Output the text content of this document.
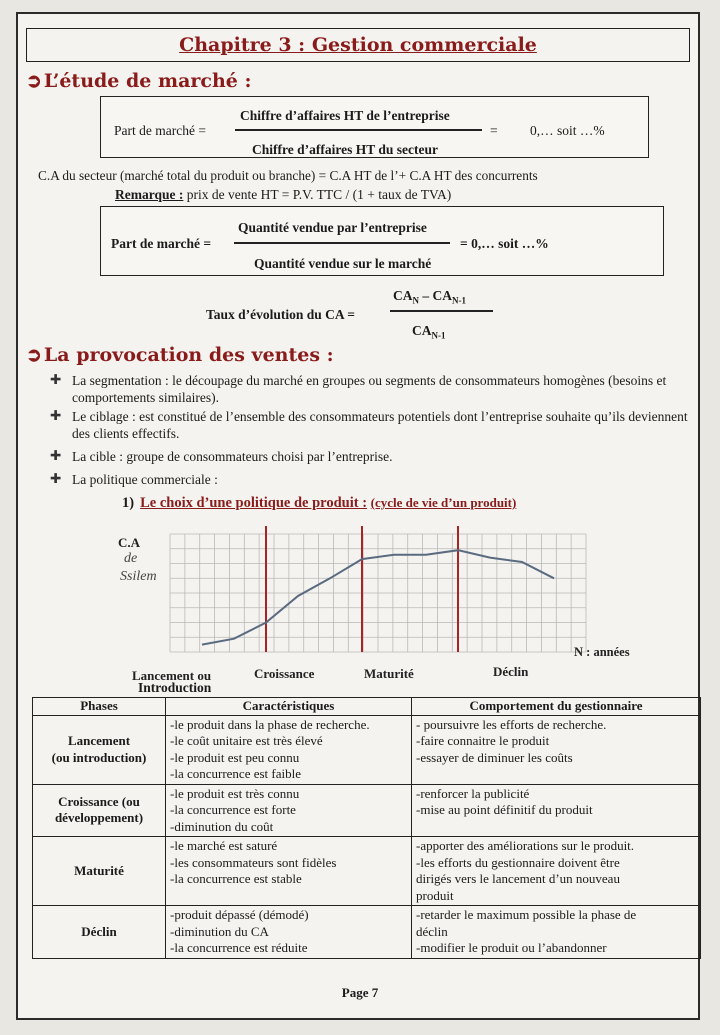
Chapitre 3 : Gestion commerciale
➲ L’étude de marché :
Part de marché =
Chiffre d’affaires HT de l’entreprise
Chiffre d’affaires HT du secteur
= 0,… soit …%
C.A du secteur (marché total du produit ou branche) = C.A HT de l’+ C.A HT des concurrents
Remarque : prix de vente HT = P.V. TTC / (1 + taux de TVA)
Part de marché =
Quantité vendue par l’entreprise
Quantité vendue sur le marché
= 0,… soit …%
Taux d’évolution du CA =
$CA_N - CA_{N-1}$
$CA_{N-1}$
➲ La provocation des ventes :
✚ La segmentation : le découpage du marché en groupes ou segments de consommateurs homogènes (besoins et comportements similaires).
✚ Le ciblage : est constitué de l’ensemble des consommateurs potentiels dont l’entreprise souhaite qu’ils deviennent des clients effectifs.
✚ La cible : groupe de consommateurs choisi par l’entreprise.
✚ La politique commerciale :
1) Le choix d’une politique de produit : (cycle de vie d’un produit)
C.A
de
Ssilem
N : années
Lancement ou	Croissance	Maturité	Déclin
Introduction
Phases	Caractéristiques	Comportement du gestionnaire

Lancement
(ou introduction)	-le produit dans la phase de recherche.
-le coût unitaire est très élevé
-le produit est peu connu
-la concurrence est faible	- poursuivre les efforts de recherche.
-faire connaitre le produit
-essayer de diminuer les coûts

Croissance (ou
développement)	-le produit est très connu
-la concurrence est forte
-diminution du coût	-renforcer la publicité
-mise au point définitif du produit

Maturité	-le marché est saturé
-les consommateurs sont fidèles
-la concurrence est stable	-apporter des améliorations sur le produit.
-les efforts du gestionnaire doivent être
dirigés vers le lancement d’un nouveau
produit

Déclin	-produit dépassé (démodé)
-diminution du CA
-la concurrence est réduite	-retarder le maximum possible la phase de
déclin
-modifier le produit ou l’abandonner
Page 7
